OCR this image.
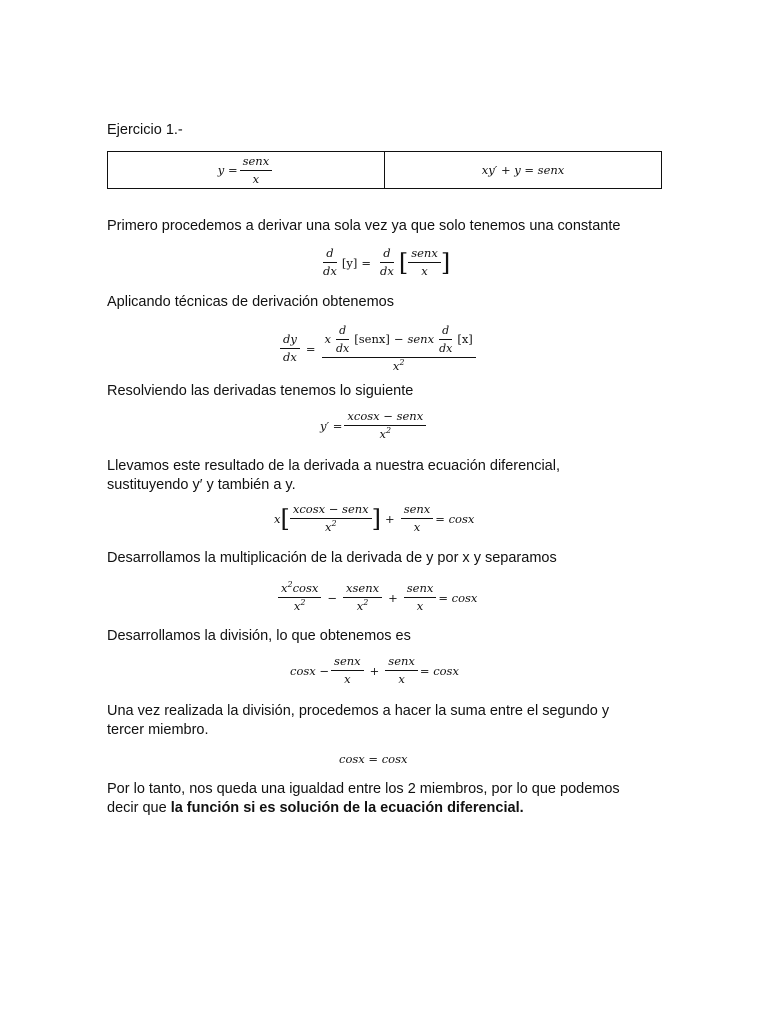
Ejercicio 1.-

$y = \frac{\text{senx}}{x}$	xy′ + y = senx

Primero procedemos a derivar una sola vez ya que solo tenemos una constante

$\frac{d}{dx} [y] = \frac{d}{dx}$ [ $\frac{\text{senx}}{x}$ ]

Aplicando técnicas de derivación obtenemos

$\frac{dy}{dx}$ =
x $\frac{d}{dx}$ [senx] − senx $\frac{d}{dx} [x]$
$x^2$

Resolviendo las derivadas tenemos lo siguiente

$y' = \frac{\text{xcosx − senx}}{x^2}$

Llevamos este resultado de la derivada a nuestra ecuación diferencial,

sustituyendo y′ y también a y.

x [ $\frac{\text{xcosx − senx}}{x^2}$ ] + $\frac{\text{senx}}{x} = \cos x$

Desarrollamos la multiplicación de la derivada de y por x y separamos

$\frac{x^2\cos x}{x^2} - \frac{\text{xsenx}}{x^2} + \frac{\text{senx}}{x} = \cos x$

Desarrollamos la división, lo que obtenemos es

$\cos x - \frac{\text{senx}}{x} + \frac{\text{senx}}{x} = \cos x$

Una vez realizada la división, procedemos a hacer la suma entre el segundo y

tercer miembro.

cosx = cosx

Por lo tanto, nos queda una igualdad entre los 2 miembros, por lo que podemos

decir que la función si es solución de la ecuación diferencial.
